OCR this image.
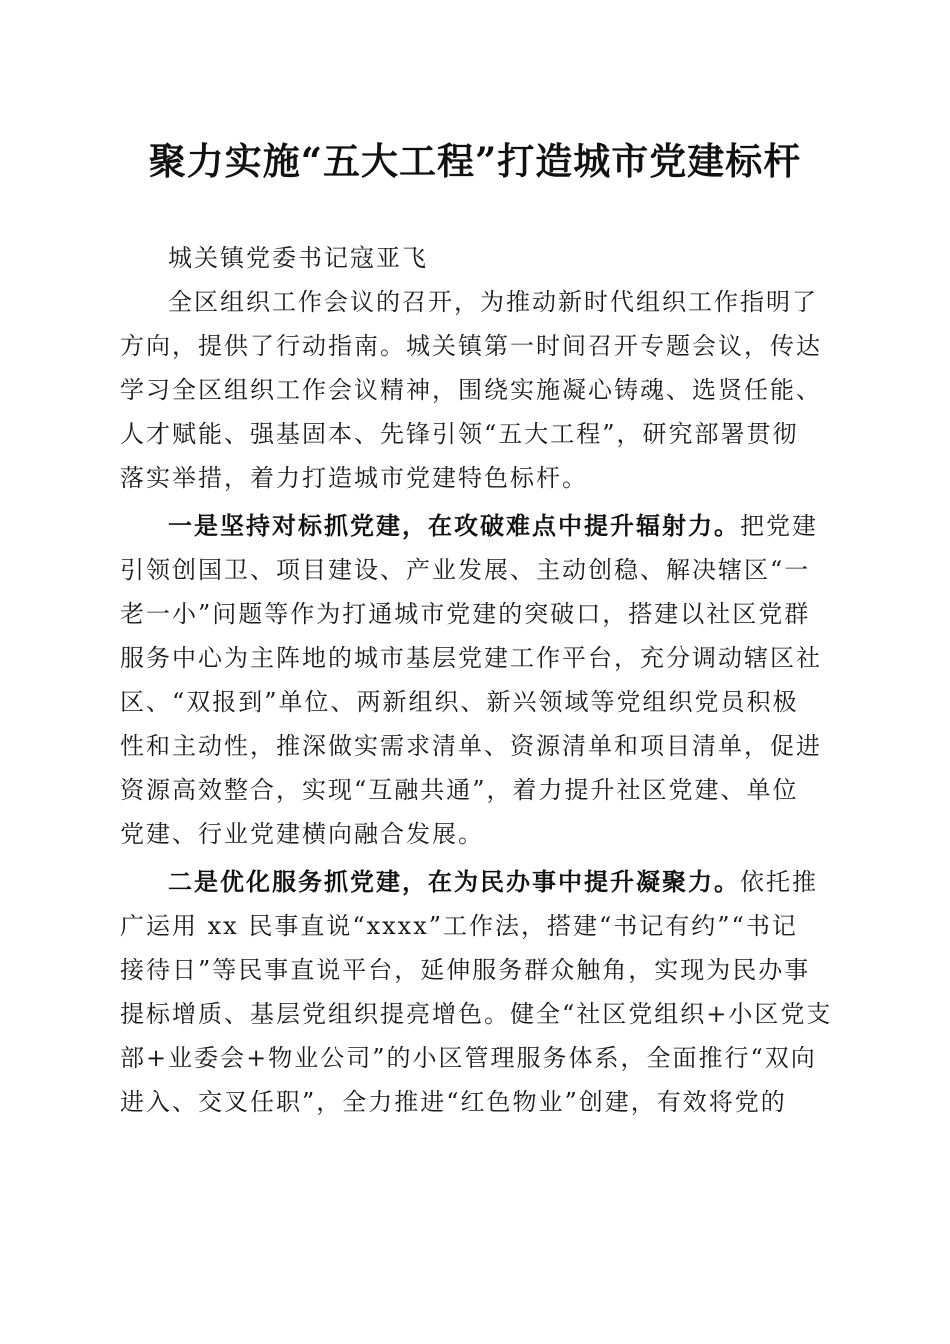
聚力实施“五大工程”打造城市党建标杆
城关镇党委书记寇亚飞
全区组织工作会议的召开，为推动新时代组织工作指明了
方向，提供了行动指南。城关镇第一时间召开专题会议，传达
学习全区组织工作会议精神，围绕实施凝心铸魂、选贤任能、
人才赋能、强基固本、先锋引领“五大工程”，研究部署贯彻
落实举措，着力打造城市党建特色标杆。
一是坚持对标抓党建，在攻破难点中提升辐射力。把党建
引领创国卫、项目建设、产业发展、主动创稳、解决辖区“一
老一小”问题等作为打通城市党建的突破口，搭建以社区党群
服务中心为主阵地的城市基层党建工作平台，充分调动辖区社
区、“双报到”单位、两新组织、新兴领域等党组织党员积极
性和主动性，推深做实需求清单、资源清单和项目清单，促进
资源高效整合，实现“互融共通”，着力提升社区党建、单位
党建、行业党建横向融合发展。
二是优化服务抓党建，在为民办事中提升凝聚力。依托推
广运用 xx 民事直说“xxxx”工作法，搭建“书记有约”“书记
接待日”等民事直说平台，延伸服务群众触角，实现为民办事
提标增质、基层党组织提亮增色。健全“社区党组织+小区党支
部+业委会+物业公司”的小区管理服务体系，全面推行“双向
进入、交叉任职”，全力推进“红色物业”创建，有效将党的
